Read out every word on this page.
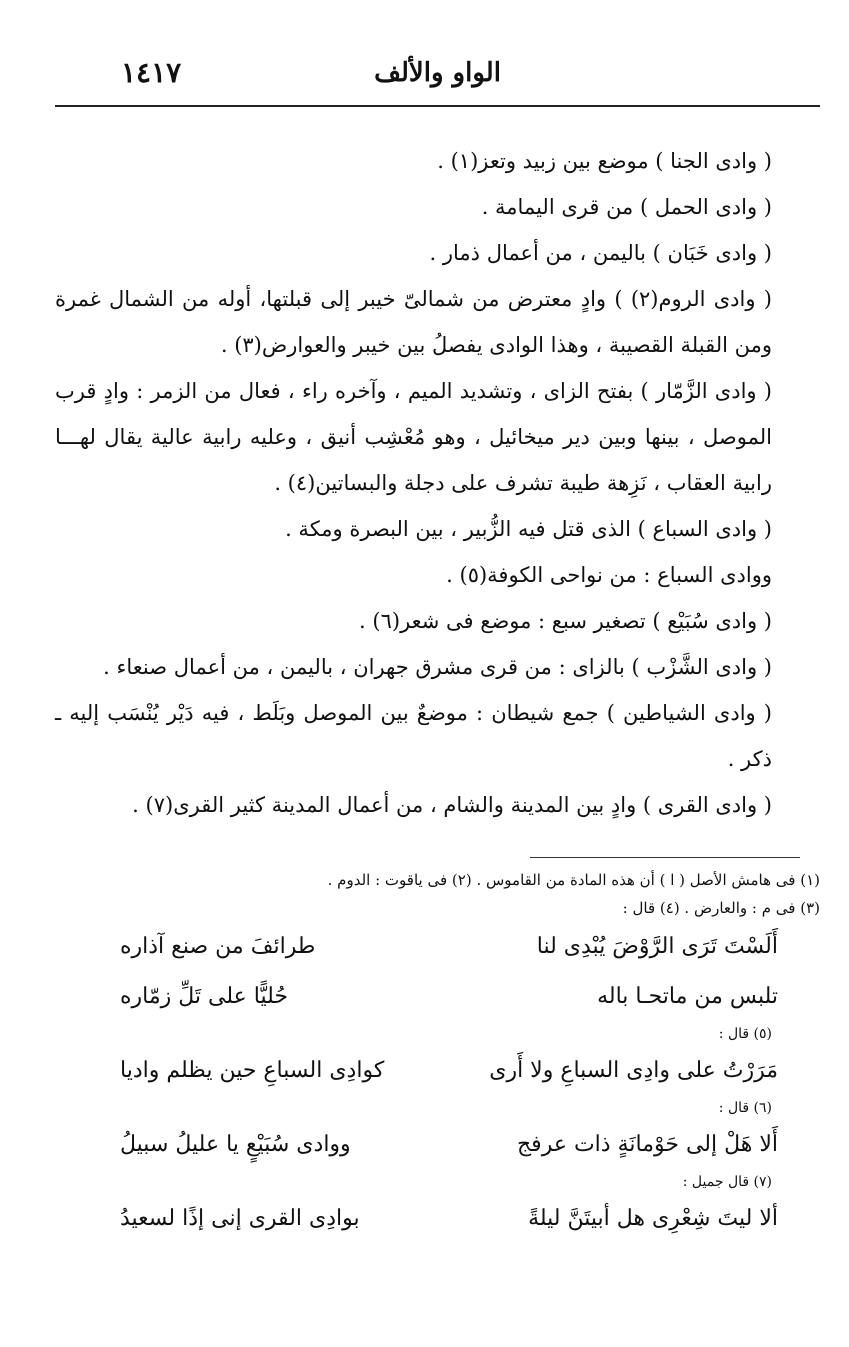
١٤١٧	الواو والألف

( وادى الجنا ) موضع بين زبيد وتعز(١) .

( وادى الحمل ) من قرى اليمامة .

( وادى خَبَان ) باليمن ، من أعمال ذمار .

( وادى الروم(٢) ) وادٍ معترض من شمالىّ خيبر إلى قبلتها، أوله من الشمال غمرة ومن القبلة القصيبة ، وهذا الوادى يفصلُ بين خيبر والعوارض(٣) .

( وادى الزَّمّار ) بفتح الزاى ، وتشديد الميم ، وآخره راء ، فعال من الزمر : وادٍ قرب الموصل ، بينها وبين دير ميخائيل ، وهو مُعْشِب أنيق ، وعليه رابية عالية يقال لهـــا رابية العقاب ، نَزِهة طيبة تشرف على دجلة والبساتين(٤) .

( وادى السباع ) الذى قتل فيه الزُّبير ، بين البصرة ومكة .

ووادى السباع : من نواحى الكوفة(٥) .

( وادى سُبَيْع ) تصغير سبع : موضع فى شعر(٦) .

( وادى الشَّزْب ) بالزاى : من قرى مشرق جهران ، باليمن ، من أعمال صنعاء .

( وادى الشياطين ) جمع شيطان : موضعٌ بين الموصل وبَلَط ، فيه دَيْر يُنْسَب إليه ـ ذكر .

( وادى القرى ) وادٍ بين المدينة والشام ، من أعمال المدينة كثير القرى(٧) .

(١) فى هامش الأصل ( ا ) أن هذه المادة من القاموس . (٢) فى ياقوت : الدوم .

(٣) فى م : والعارض . (٤) قال :

أَلَسْتَ تَرَى الرَّوْضَ يُبْدِى لنا
طرائفَ من صنع آذاره
تلبس من ماتحـا باله
حُليًّا على تَلِّ زمّاره

(٥) قال :

مَرَرْتُ على وادِى السباعِ ولا أَرى
كوادِى السباعِ حين يظلم واديا

(٦) قال :

أَلا هَلْ إلى حَوْمانَةٍ ذات عرفج
ووادى سُبَيْعٍ يا عليلُ سبيلُ

(٧) قال جميل :

ألا ليتَ شِعْرِى هل أبيتَنَّ ليلةً
بوادِى القرى إنى إذًا لسعيدُ
